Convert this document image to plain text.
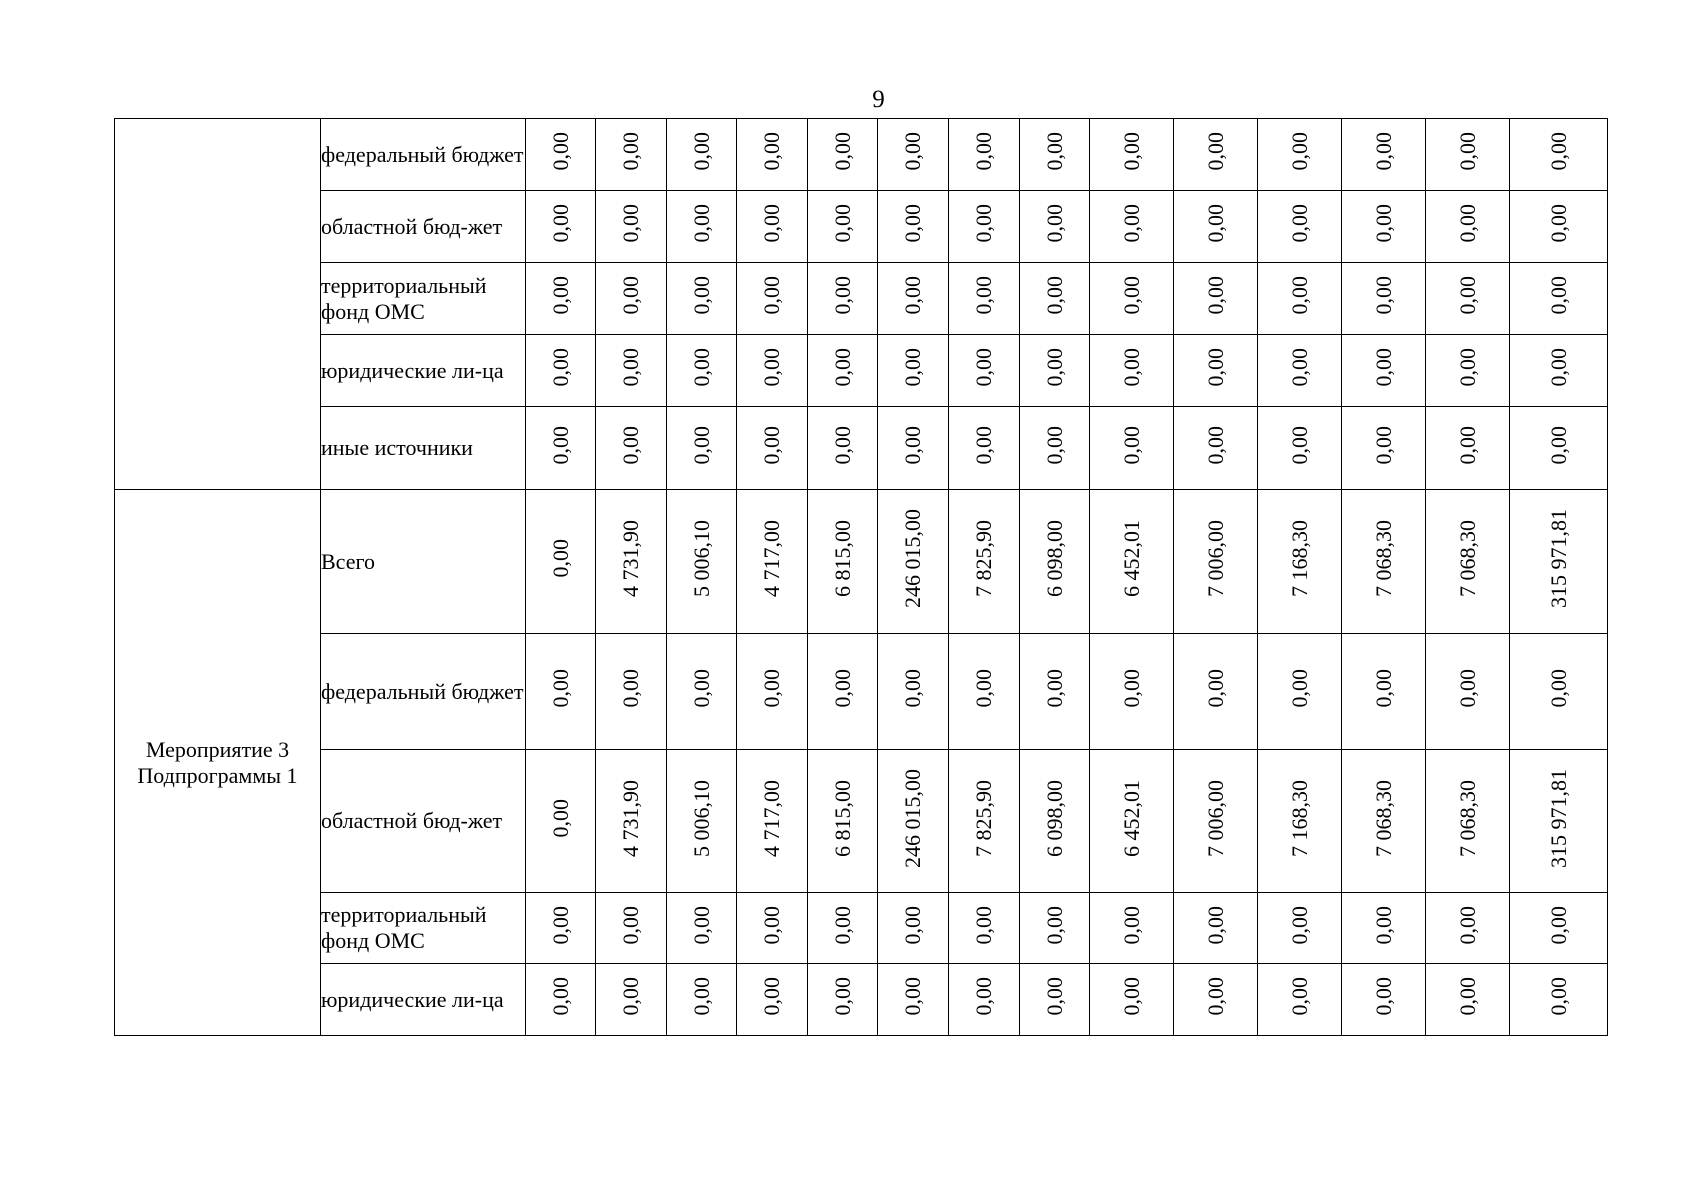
9
	федеральный бюджет	0,00	0,00	0,00	0,00	0,00	0,00	0,00	0,00	0,00	0,00	0,00	0,00	0,00	0,00
	областной бюд-жет	0,00	0,00	0,00	0,00	0,00	0,00	0,00	0,00	0,00	0,00	0,00	0,00	0,00	0,00
	территориальный фонд ОМС	0,00	0,00	0,00	0,00	0,00	0,00	0,00	0,00	0,00	0,00	0,00	0,00	0,00	0,00
	юридические ли-ца	0,00	0,00	0,00	0,00	0,00	0,00	0,00	0,00	0,00	0,00	0,00	0,00	0,00	0,00
	иные источники	0,00	0,00	0,00	0,00	0,00	0,00	0,00	0,00	0,00	0,00	0,00	0,00	0,00	0,00

Мероприятие 3 Подпрограммы 1	Всего	0,00	4 731,90	5 006,10	4 717,00	6 815,00	246 015,00	7 825,90	6 098,00	6 452,01	7 006,00	7 168,30	7 068,30	7 068,30	315 971,81
	федеральный бюджет	0,00	0,00	0,00	0,00	0,00	0,00	0,00	0,00	0,00	0,00	0,00	0,00	0,00	0,00
	областной бюд-жет	0,00	4 731,90	5 006,10	4 717,00	6 815,00	246 015,00	7 825,90	6 098,00	6 452,01	7 006,00	7 168,30	7 068,30	7 068,30	315 971,81
	территориальный фонд ОМС	0,00	0,00	0,00	0,00	0,00	0,00	0,00	0,00	0,00	0,00	0,00	0,00	0,00	0,00
	юридические ли-ца	0,00	0,00	0,00	0,00	0,00	0,00	0,00	0,00	0,00	0,00	0,00	0,00	0,00	0,00
